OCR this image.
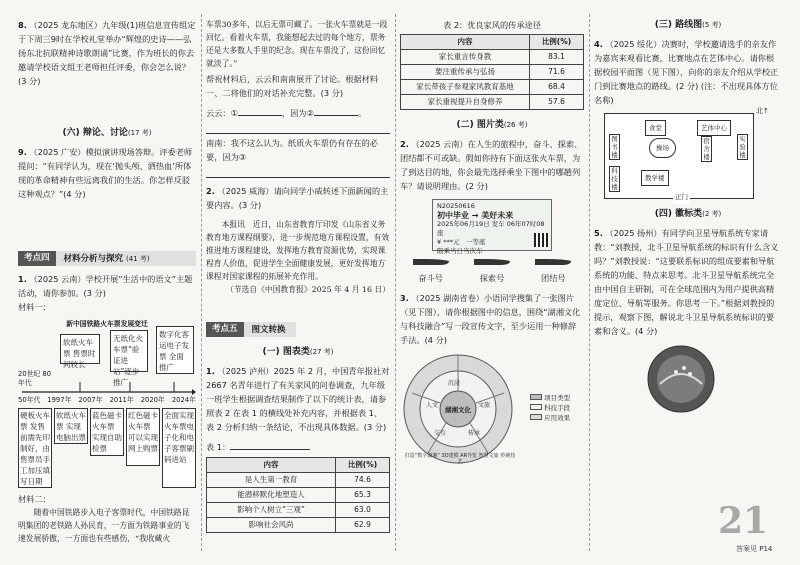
8. （2025 龙东地区）九年级(1)班信息宣传组定于下周三9时在学校礼堂举办“辉煌的史诗——弘扬东北抗联精神诗歌朗诵”比赛，作为班长的你去邀请学校语文组王老师担任评委，你会怎么说？(3 分)
(六) 辩论、讨论(17 考)
9. （2025 广安）模拟演讲现场答辩。评委老师提问：“有同学认为，现在‘抛头颅、洒热血’所体现的革命精神有些远离我们的生活。你怎样反驳这种观点？”(4 分)
考点四	材料分析与探究 (41 考)
1. （2025 云南）学校开展“生活中的语文”主题活动，请你参加。(3 分)
材料一：
新中国铁路火车票发展变迁
软纸火车票 售票时间较长
无纸化火车票“验证进站”逐步推广
数字化客运电子发票 全面推广
20世纪 80年代
50年代 1997年 2007年 2011年 2020年 2024年
硬板火车票 发售前需先印制好，由售票员手工加压填写日期
软纸火车票 实现电脑出票
蓝色磁卡火车票 实现自助检票
红色磁卡火车票 可以实现网上购票
全面实现火车票电子化和电子客票刷码进站
材料二：
随着中国铁路步入电子客票时代，中国铁路昆明集团的老铁路人孙民育，一方面为铁路事业的飞速发展骄傲，一方面也有些感伤，“我收藏火
车票30多年，以后无票可藏了。一张火车票就是一段回忆。看着火车票，我能想起去过的每个地方，票务还是大多数人手里的纪念。现在车票没了，这份回忆就淡了。”
帮祝材料后，云云和南南展开了讨论。根据材料一、二将他们的对话补充完整。(3 分)
云云：①	，因为②	。
南南：我不这么认为。纸质火车票仍有存在的必要，因为③
2. （2025 威海）请向同学小威转述下面新闻的主要内容。(3 分)
本报讯　近日，山东省教育厅印发《山东省义务教育地方课程纲要》，进一步规范地方课程设置，有效推进地方课程建设，发挥地方教育资源优势，实现课程育人价值，促进学生全面健康发展，更好发挥地方课程对国家课程的拓展补充作用。
（节选自《中国教育报》2025 年 4 月 16 日）
考点五	图文转换
(一) 图表类(27 考)
1. （2025 泸州）2025 年 2 月，中国青年报社对 2667 名青年进行了有关家风的问卷调查，九年级一班学生根据调查结果制作了以下的统计表，请参照表 2 在表 1 的横线处补充内容，并根据表 1、表 2 分析归纳一条结论，不出现具体数据。(3 分)
表 1：
内容	比例(%)
是人生第一教育	74.6
能潜移默化地塑造人	65.3
影响个人树立“三观”	63.0
影响社会风尚	62.9
表 2：优良家风的传承途径
内容	比例(%)
家长重言传身教	83.1
要注重传承与弘扬	71.6
家长带孩子参观家风教育基地	68.4
家长重视提升自身修养	57.6
(二) 图片类(26 考)
2. （2025 云南）在人生的旅程中，奋斗、探索、团结都不可或缺。假如你持有下面这张火车票，为了到达目的地，你会最先选择乘坐下图中的哪趟列车？请说明理由。(2 分)
N20250616
初中毕业 → 美好未来
2025年06月19日 发车 06年07时08座
¥ ***元　 一等座
限乘当日当次车
奋斗号	探索号	团结号
3. （2025 湖南省卷）小语同学搜集了一张图片（见下图），请你根据图中的信息，围绕“湖湘文化与科技融合”写一段宣传文字，至少运用一种修辞手法。(4 分)
湖湘文化
沉浸
人文	文旅
交互	传承
打造“数字湖湘” 3D建模 AR导览 智慧文旅 传统技艺
项目类型
科技手段
应用效果
(三) 路线图(5 考)
4. （2025 绥化）决赛时，学校邀请选手的亲友作为嘉宾来观看比赛，比赛地点在艺体中心。请你根据校园平面图（见下图），向你的亲友介绍从学校正门到比赛地点的路线。(2 分) (注：不出现具体方位名称)
食堂	艺体中心
图书楼
科技楼
操场
宿舍楼
实验楼
教学楼
正门
北↑
(四) 徽标类(2 考)
5. （2025 扬州）有同学向卫星导航系统专家请教：“刘教授，北斗卫星导航系统的标识有什么含义吗？”刘教授说：“这要联系标识的组成要素和导航系统的功能、特点来思考。北斗卫星导航系统完全由中国自主研制，可在全球范围内为用户提供高精度定位、导航等服务。你思考一下。”根据刘教授的提示，观察下图，解说北斗卫星导航系统标识的要素和含义。(4 分)
21
答案见 P14
